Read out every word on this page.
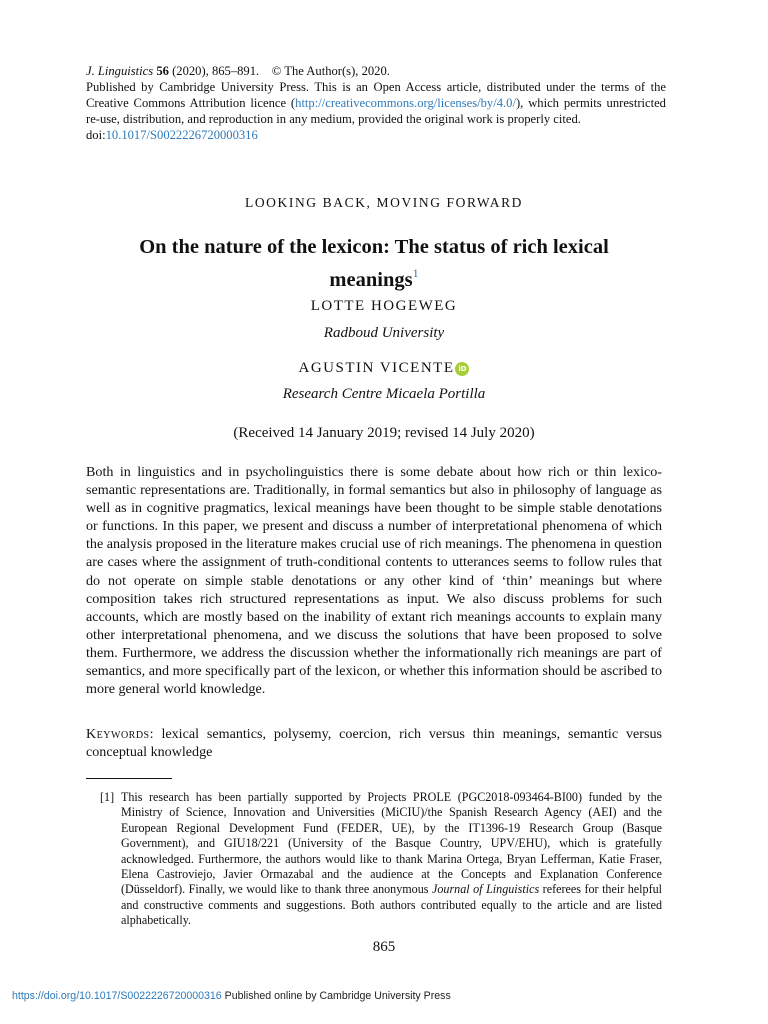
J. Linguistics 56 (2020), 865–891. © The Author(s), 2020.

Published by Cambridge University Press. This is an Open Access article, distributed under the terms of the Creative Commons Attribution licence (http://creativecommons.org/licenses/by/4.0/), which permits unrestricted re-use, distribution, and reproduction in any medium, provided the original work is properly cited.

doi:10.1017/S0022226720000316

LOOKING BACK, MOVING FORWARD
On the nature of the lexicon: The status of rich lexical meanings$^1$
LOTTE HOGEWEG
Radboud University
AGUSTIN VICENTE iD
Research Centre Micaela Portilla
(Received 14 January 2019; revised 14 July 2020)

Both in linguistics and in psycholinguistics there is some debate about how rich or thin lexico-semantic representations are. Traditionally, in formal semantics but also in philosophy of language as well as in cognitive pragmatics, lexical meanings have been thought to be simple stable denotations or functions. In this paper, we present and discuss a number of interpretational phenomena of which the analysis proposed in the literature makes crucial use of rich meanings. The phenomena in question are cases where the assignment of truth-conditional contents to utterances seems to follow rules that do not operate on simple stable denotations or any other kind of ‘thin’ meanings but where composition takes rich structured representations as input. We also discuss problems for such accounts, which are mostly based on the inability of extant rich meanings accounts to explain many other interpretational phenomena, and we discuss the solutions that have been proposed to solve them. Furthermore, we address the discussion whether the informationally rich meanings are part of semantics, and more specifically part of the lexicon, or whether this information should be ascribed to more general world knowledge.

Keywords: lexical semantics, polysemy, coercion, rich versus thin meanings, semantic versus conceptual knowledge

[1] This research has been partially supported by Projects PROLE (PGC2018-093464-BI00) funded by the Ministry of Science, Innovation and Universities (MiCIU)/the Spanish Research Agency (AEI) and the European Regional Development Fund (FEDER, UE), by the IT1396-19 Research Group (Basque Government), and GIU18/221 (University of the Basque Country, UPV/EHU), which is gratefully acknowledged. Furthermore, the authors would like to thank Marina Ortega, Bryan Lefferman, Katie Fraser, Elena Castroviejo, Javier Ormazabal and the audience at the Concepts and Explanation Conference (Düsseldorf). Finally, we would like to thank three anonymous Journal of Linguistics referees for their helpful and constructive comments and suggestions. Both authors contributed equally to the article and are listed alphabetically.
865
https://doi.org/10.1017/S0022226720000316 Published online by Cambridge University Press
